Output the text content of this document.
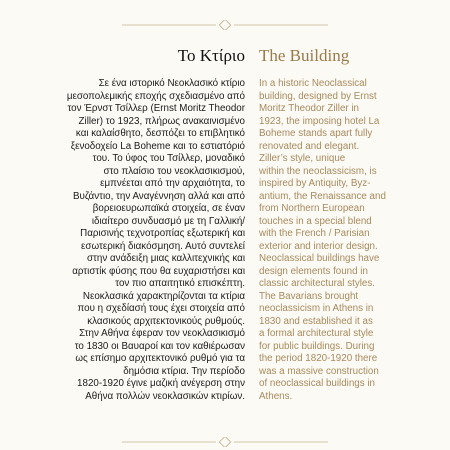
Το Κτίριο

Σε ένα ιστορικό Νεοκλασικό κτίριο
μεσοπολεμικής εποχής σχεδιασμένο από
τον Έρνστ Τσίλλερ (Ernst Moritz Theodor
Ziller) το 1923, πλήρως ανακαινισμένο
και καλαίσθητο, δεσπόζει το επιβλητικό
ξενοδοχείο La Boheme και το εστιατόριό
του. Το ύφος του Τσίλλερ, μοναδικό
στο πλαίσιο του νεοκλασικισμού,
εμπνέεται από την αρχαιότητα, το
Βυζάντιο, την Αναγέννηση αλλά και από
βορειοευρωπαϊκά στοιχεία, σε έναν
ιδιαίτερο συνδυασμό με τη Γαλλική/
Παρισινής τεχνοτροπίας εξωτερική και
εσωτερική διακόσμηση. Αυτό συντελεί
στην ανάδειξη μιας καλλιτεχνικής και
αρτιστίκ φύσης που θα ευχαριστήσει και
τον πιο απαιτητικό επισκέπτη.
Νεοκλασικά χαρακτηρίζονται τα κτίρια
που η σχεδίασή τους έχει στοιχεία από
κλασικούς αρχιτεκτονικούς ρυθμούς.
Στην Αθήνα έφεραν τον νεοκλασικισμό
το 1830 οι Βαυαροί και τον καθιέρωσαν
ως επίσημο αρχιτεκτονικό ρυθμό για τα
δημόσια κτίρια. Την περίοδο
1820-1920 έγινε μαζική ανέγερση στην
Αθήνα πολλών νεοκλασικών κτιρίων.

The Building

In a historic Neoclassical
building, designed by Ernst
Moritz Theodor Ziller in
1923, the imposing hotel La
Boheme stands apart fully
renovated and elegant.
Ziller’s style, unique
within the neoclassicism, is
inspired by Antiquity, Byz-
antium, the Renaissance and
from Northern European
touches in a special blend
with the French / Parisian
exterior and interior design.
Neoclassical buildings have
design elements found in
classic architectural styles.
The Bavarians brought
neoclassicism in Athens in
1830 and established it as
a formal architectural style
for public buildings. During
the period 1820-1920 there
was a massive construction
of neoclassical buildings in
Athens.
